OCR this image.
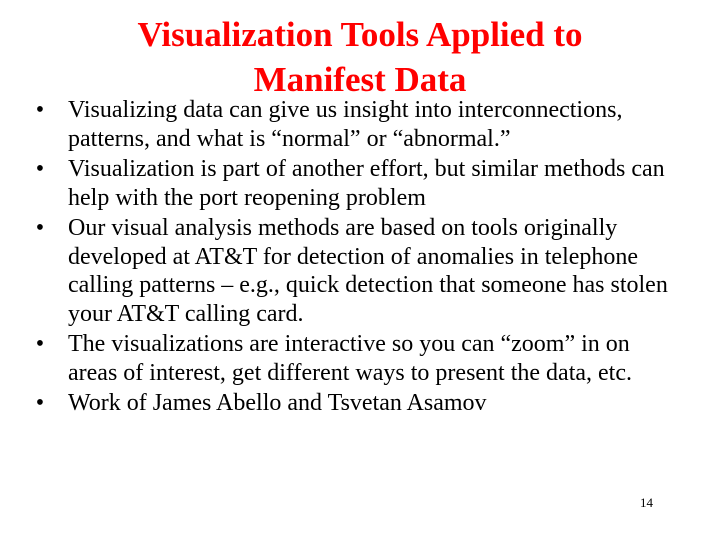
Visualization Tools Applied to
Manifest Data
• Visualizing data can give us insight into interconnections, patterns, and what is “normal” or “abnormal.”
• Visualization is part of another effort, but similar methods can help with the port reopening problem
• Our visual analysis methods are based on tools originally developed at AT&T for detection of anomalies in telephone calling patterns – e.g., quick detection that someone has stolen your AT&T calling card.
• The visualizations are interactive so you can “zoom” in on areas of interest, get different ways to present the data, etc.
• Work of James Abello and Tsvetan Asamov
14
